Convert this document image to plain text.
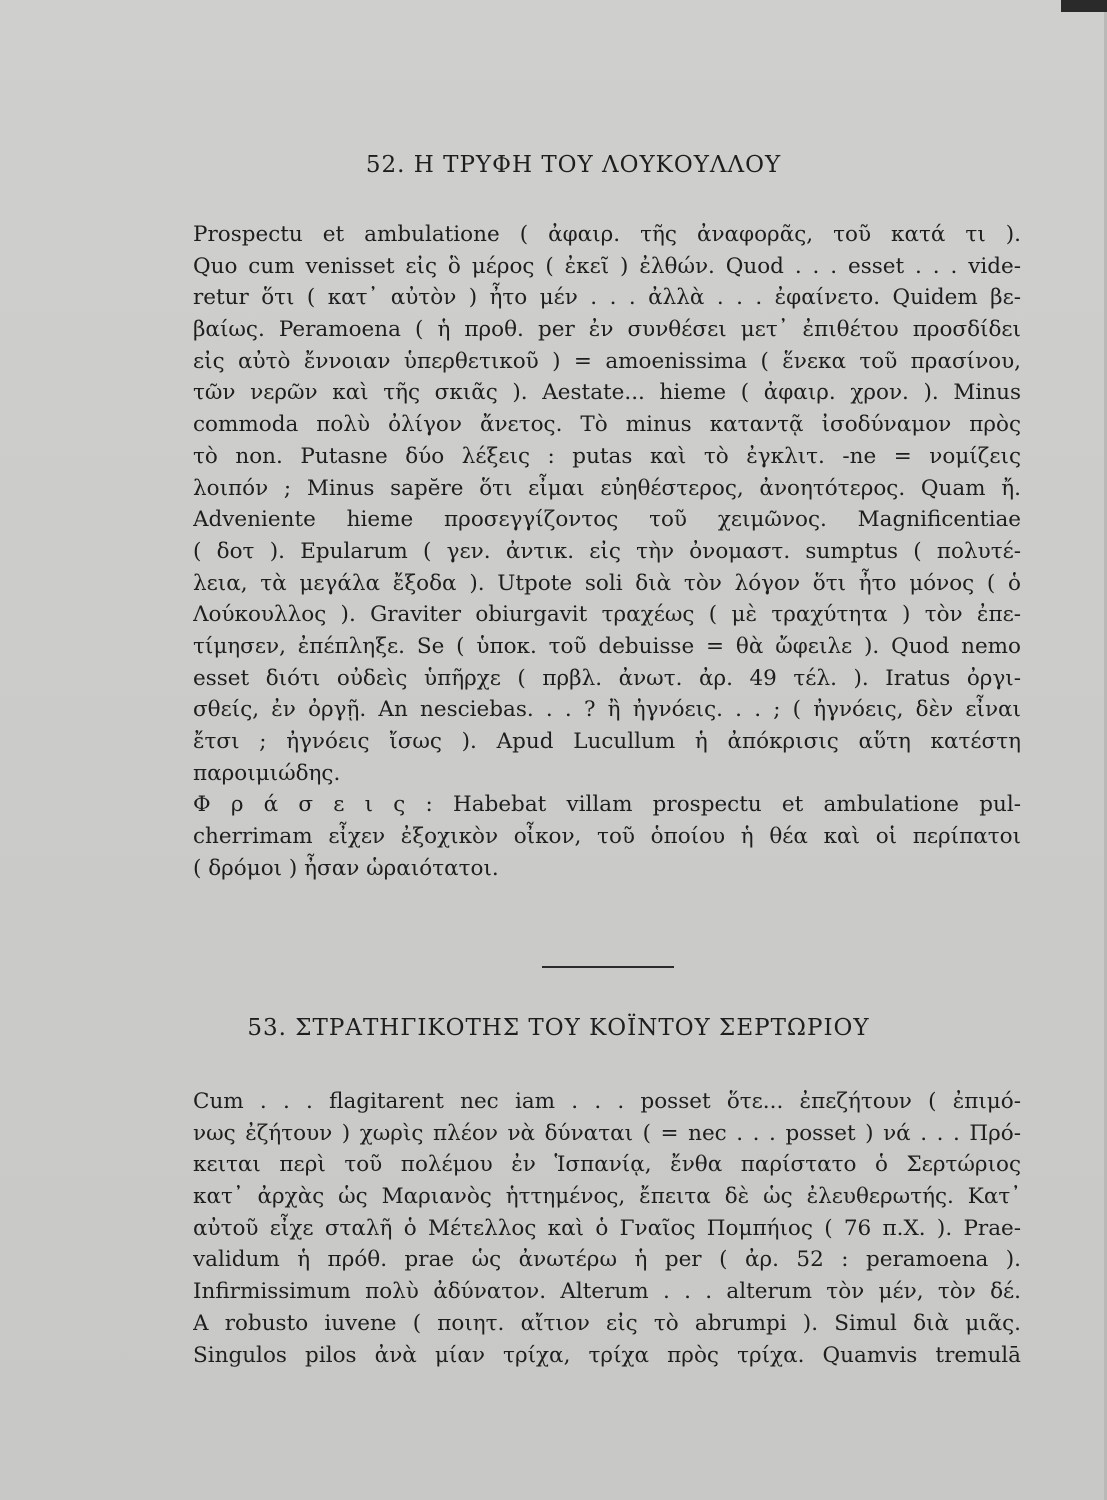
52. Η ΤΡΥΦΗ ΤΟΥ ΛΟΥΚΟΥΛΛΟΥ
Prospectu et ambulatione ( ἀφαιρ. τῆς ἀναφορᾶς, τοῦ κατά τι ).
Quo cum venisset εἰς ὃ μέρος ( ἐκεῖ ) ἐλθών. Quod . . . esset . . . vide-
retur ὅτι ( κατ᾽ αὐτὸν ) ἦτο μέν . . . ἀλλὰ . . . ἐφαίνετο. Quidem βε-
βαίως. Peramoena ( ἡ προθ. per ἐν συνθέσει μετ᾽ ἐπιθέτου προσδίδει
εἰς αὐτὸ ἔννοιαν ὑπερθετικοῦ ) = amoenissima ( ἕνεκα τοῦ πρασίνου,
τῶν νερῶν καὶ τῆς σκιᾶς ). Aestate... hieme ( ἀφαιρ. χρον. ). Minus
commoda πολὺ ὀλίγον ἄνετος. Τὸ minus καταντᾷ ἰσοδύναμον πρὸς
τὸ non. Putasne δύο λέξεις : putas καὶ τὸ ἐγκλιτ. -ne = νομίζεις
λοιπόν ; Minus sapĕre ὅτι εἶμαι εὐηθέστερος, ἀνοητότερος. Quam ἤ.
Adveniente hieme προσεγγίζοντος τοῦ χειμῶνος. Magnificentiae
( δοτ ). Epularum ( γεν. ἀντικ. εἰς τὴν ὀνομαστ. sumptus ( πολυτέ-
λεια, τὰ μεγάλα ἔξοδα ). Utpote soli διὰ τὸν λόγον ὅτι ἦτο μόνος ( ὁ
Λούκουλλος ). Graviter obiurgavit τραχέως ( μὲ τραχύτητα ) τὸν ἐπε-
τίμησεν, ἐπέπληξε. Se ( ὑποκ. τοῦ debuisse = θὰ ὤφειλε ). Quod nemo
esset διότι οὐδεὶς ὑπῆρχε ( πρβλ. ἀνωτ. ἀρ. 49 τέλ. ). Iratus ὀργι-
σθείς, ἐν ὀργῇ. An nesciebas. . . ? ἢ ἠγνόεις. . . ; ( ἠγνόεις, δὲν εἶναι
ἔτσι ; ἠγνόεις ἴσως ). Apud Lucullum ἡ ἀπόκρισις αὕτη κατέστη
παροιμιώδης.
Φ ρ ά σ ε ι ς : Habebat villam prospectu et ambulatione pul-
cherrimam εἶχεν ἐξοχικὸν οἶκον, τοῦ ὁποίου ἡ θέα καὶ οἱ περίπατοι
( δρόμοι ) ἦσαν ὡραιότατοι.
53. ΣΤΡΑΤΗΓΙΚΟΤΗΣ ΤΟΥ ΚΟΪΝΤΟΥ ΣΕΡΤΩΡΙΟΥ
Cum . . . flagitarent nec iam . . . posset ὅτε... ἐπεζήτουν ( ἐπιμό-
νως ἐζήτουν ) χωρὶς πλέον νὰ δύναται ( = nec . . . posset ) νά . . . Πρό-
κειται περὶ τοῦ πολέμου ἐν Ἱσπανίᾳ, ἔνθα παρίστατο ὁ Σερτώριος
κατ᾽ ἀρχὰς ὡς Μαριανὸς ἡττημένος, ἔπειτα δὲ ὡς ἐλευθερωτής. Κατ᾽
αὐτοῦ εἶχε σταλῆ ὁ Μέτελλος καὶ ὁ Γναῖος Πομπήιος ( 76 π.Χ. ). Prae-
validum ἡ πρόθ. prae ὡς ἀνωτέρω ἡ per ( ἀρ. 52 : peramoena ).
Infirmissimum πολὺ ἀδύνατον. Alterum . . . alterum τὸν μέν, τὸν δέ.
A robusto iuvene ( ποιητ. αἴτιον εἰς τὸ abrumpi ). Simul διὰ μιᾶς.
Singulos pilos ἀνὰ μίαν τρίχα, τρίχα πρὸς τρίχα. Quamvis tremulā
